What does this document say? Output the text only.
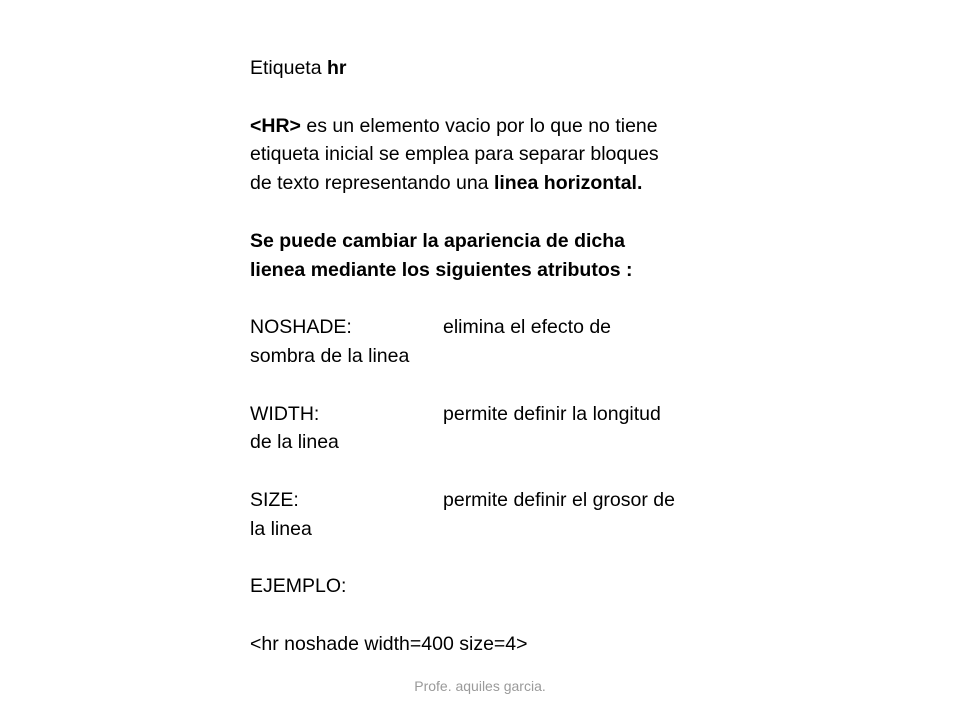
Etiqueta hr

<HR> es un elemento vacio por lo que no tiene

etiqueta inicial se emplea para separar bloques

de texto representando una linea horizontal.

Se puede cambiar la apariencia de dicha

lienea mediante los siguientes atributos :

NOSHADE:	elimina el efecto de

sombra de la linea

WIDTH:	permite definir la longitud

de la linea

SIZE:	permite definir el grosor de

la linea

EJEMPLO:

<hr noshade width=400 size=4>

Profe. aquiles garcia.
